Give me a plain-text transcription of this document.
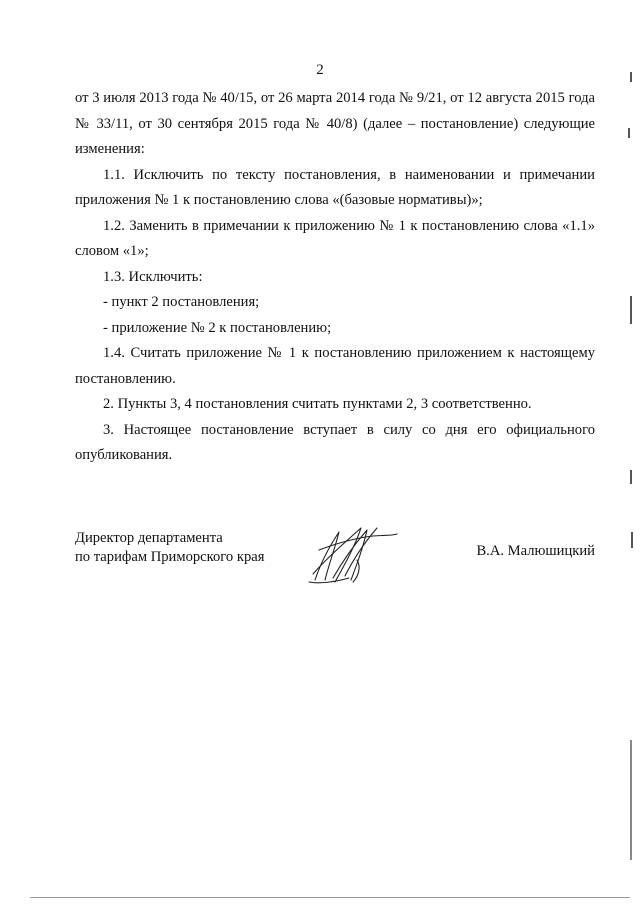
2

от 3 июля 2013 года № 40/15, от 26 марта 2014 года № 9/21, от 12 августа 2015 года № 33/11, от 30 сентября 2015 года № 40/8) (далее – постановление) следующие изменения:

1.1. Исключить по тексту постановления, в наименовании и примечании приложения № 1 к постановлению слова «(базовые нормативы)»;

1.2. Заменить в примечании к приложению № 1 к постановлению слова «1.1» словом «1»;

1.3. Исключить:

- пункт 2 постановления;

- приложение № 2 к постановлению;

1.4. Считать приложение № 1 к постановлению приложением к настоящему постановлению.

2. Пункты 3, 4 постановления считать пунктами 2, 3 соответственно.

3. Настоящее постановление вступает в силу со дня его официального опубликования.

Директор департамента
по тарифам Приморского края	В.А. Малюшицкий
